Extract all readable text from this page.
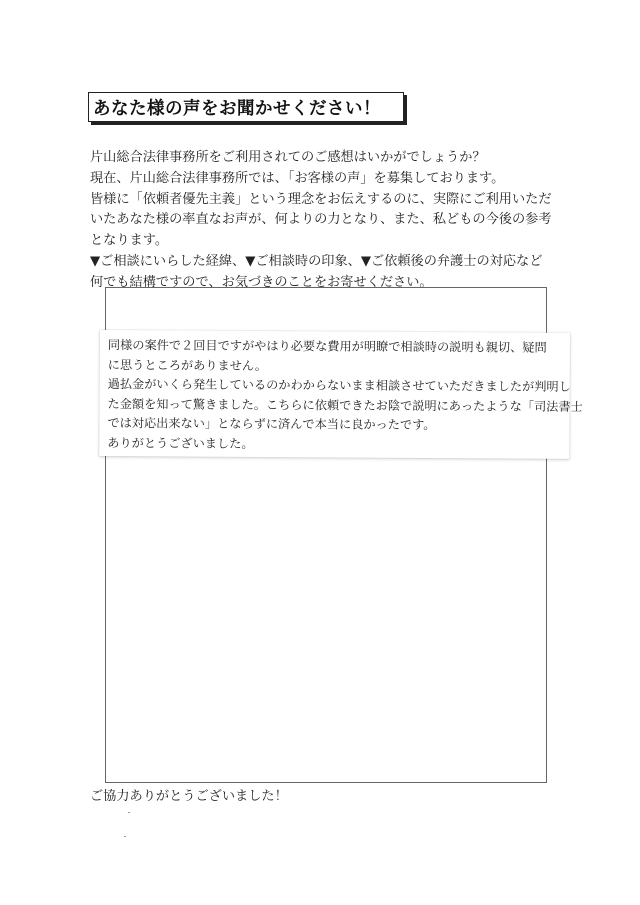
あなた様の声をお聞かせください！
片山総合法律事務所をご利用されてのご感想はいかがでしょうか？
現在、片山総合法律事務所では、「お客様の声」を募集しております。
皆様に「依頼者優先主義」という理念をお伝えするのに、実際にご利用いただ
いたあなた様の率直なお声が、何よりの力となり、また、私どもの今後の参考
となります。
▼ご相談にいらした経緯、▼ご相談時の印象、▼ご依頼後の弁護士の対応など
何でも結構ですので、お気づきのことをお寄せください。
同様の案件で２回目ですがやはり必要な費用が明瞭で相談時の説明も親切、疑問
に思うところがありません。
過払金がいくら発生しているのかわからないまま相談させていただきましたが判明し
た金額を知って驚きました。こちらに依頼できたお陰で説明にあったような「司法書士
では対応出来ない」とならずに済んで本当に良かったです。
ありがとうございました。
ご協力ありがとうございました！
